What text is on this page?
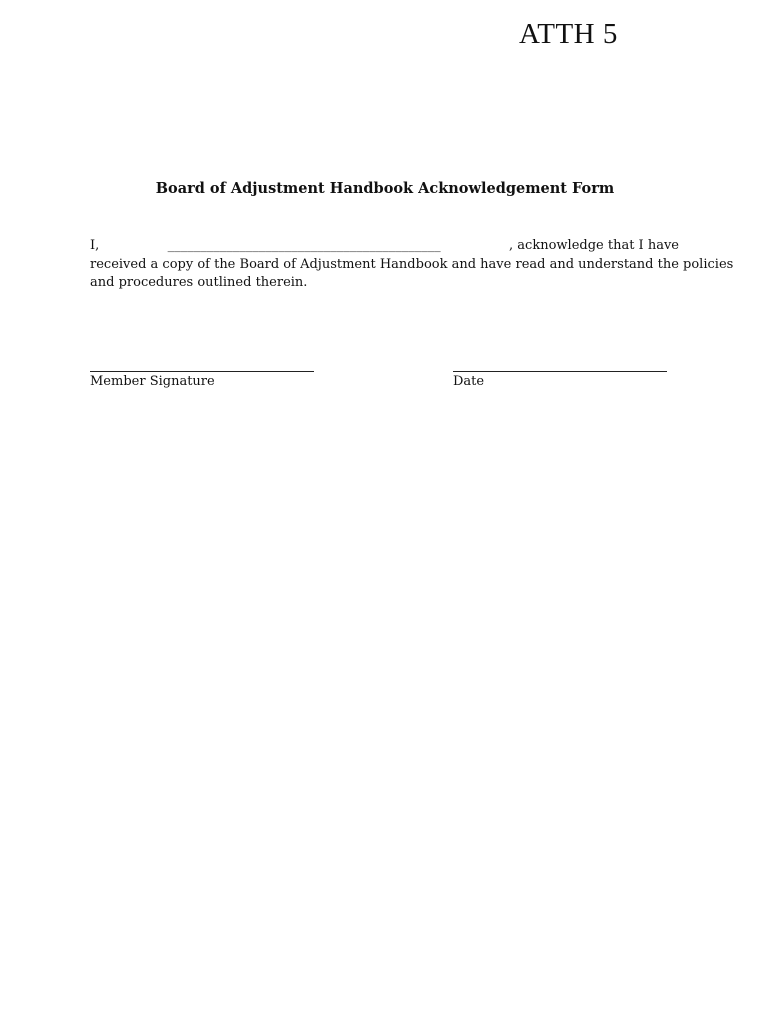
ATTH 5
Board of Adjustment Handbook Acknowledgement Form
I,	__________________________________________	, acknowledge that I have
received a copy of the Board of Adjustment Handbook and have read and understand the policies
and procedures outlined therein.
Member Signature	Date
